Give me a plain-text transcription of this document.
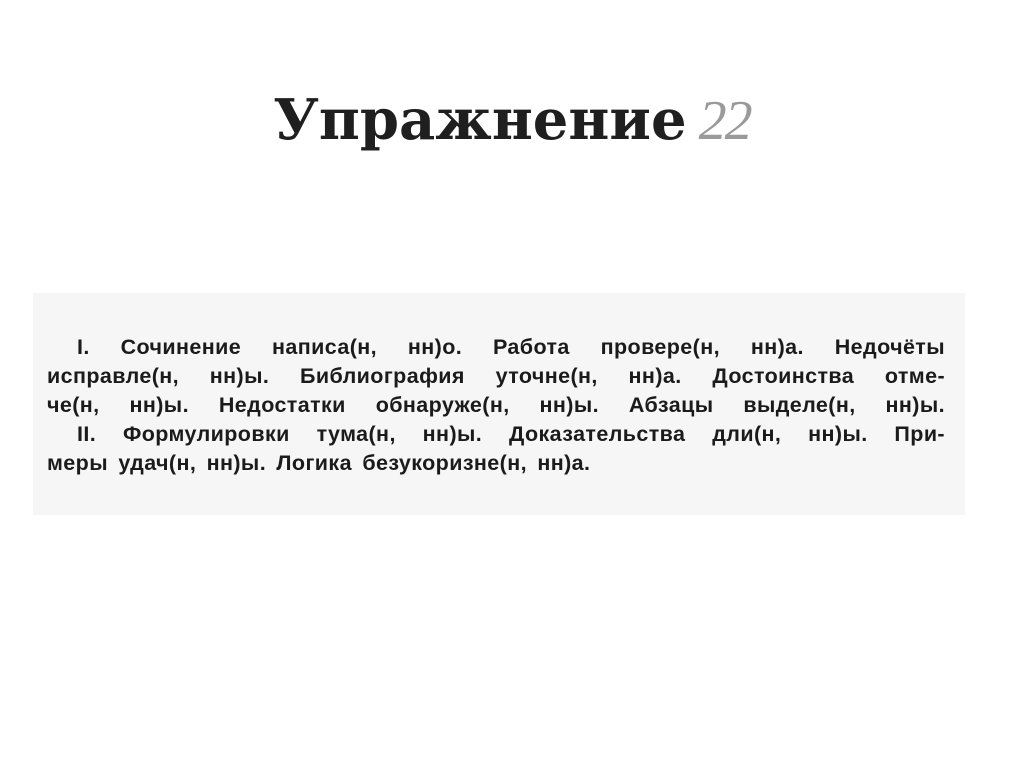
Упражнение 22
I. Сочинение написа(н, нн)о. Работа провере(н, нн)а. Недочёты
исправле(н, нн)ы. Библиография уточне(н, нн)а. Достоинства отме-
че(н, нн)ы. Недостатки обнаруже(н, нн)ы. Абзацы выделе(н, нн)ы.
II. Формулировки тума(н, нн)ы. Доказательства дли(н, нн)ы. При-
меры удач(н, нн)ы. Логика безукоризне(н, нн)а.
